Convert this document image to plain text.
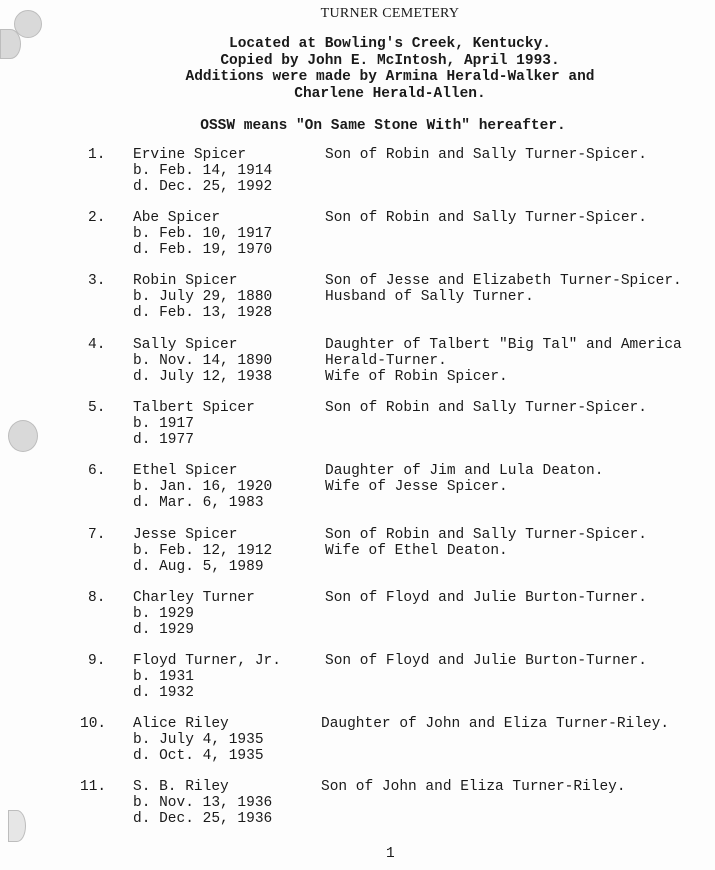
TURNER CEMETERY
Located at Bowling's Creek, Kentucky.
Copied by John E. McIntosh, April 1993.
Additions were made by Armina Herald-Walker and
Charlene Herald-Allen.
OSSW means "On Same Stone With" hereafter.
1. Ervine Spicer
b. Feb. 14, 1914
d. Dec. 25, 1992
Son of Robin and Sally Turner-Spicer.
2. Abe Spicer
b. Feb. 10, 1917
d. Feb. 19, 1970
Son of Robin and Sally Turner-Spicer.
3. Robin Spicer
b. July 29, 1880
d. Feb. 13, 1928
Son of Jesse and Elizabeth Turner-Spicer.
Husband of Sally Turner.
4. Sally Spicer
b. Nov. 14, 1890
d. July 12, 1938
Daughter of Talbert "Big Tal" and America
Herald-Turner.
Wife of Robin Spicer.
5. Talbert Spicer
b. 1917
d. 1977
Son of Robin and Sally Turner-Spicer.
6. Ethel Spicer
b. Jan. 16, 1920
d. Mar. 6, 1983
Daughter of Jim and Lula Deaton.
Wife of Jesse Spicer.
7. Jesse Spicer
b. Feb. 12, 1912
d. Aug. 5, 1989
Son of Robin and Sally Turner-Spicer.
Wife of Ethel Deaton.
8. Charley Turner
b. 1929
d. 1929
Son of Floyd and Julie Burton-Turner.
9. Floyd Turner, Jr.
b. 1931
d. 1932
Son of Floyd and Julie Burton-Turner.
10. Alice Riley
b. July 4, 1935
d. Oct. 4, 1935
Daughter of John and Eliza Turner-Riley.
11. S. B. Riley
b. Nov. 13, 1936
d. Dec. 25, 1936
Son of John and Eliza Turner-Riley.
1
